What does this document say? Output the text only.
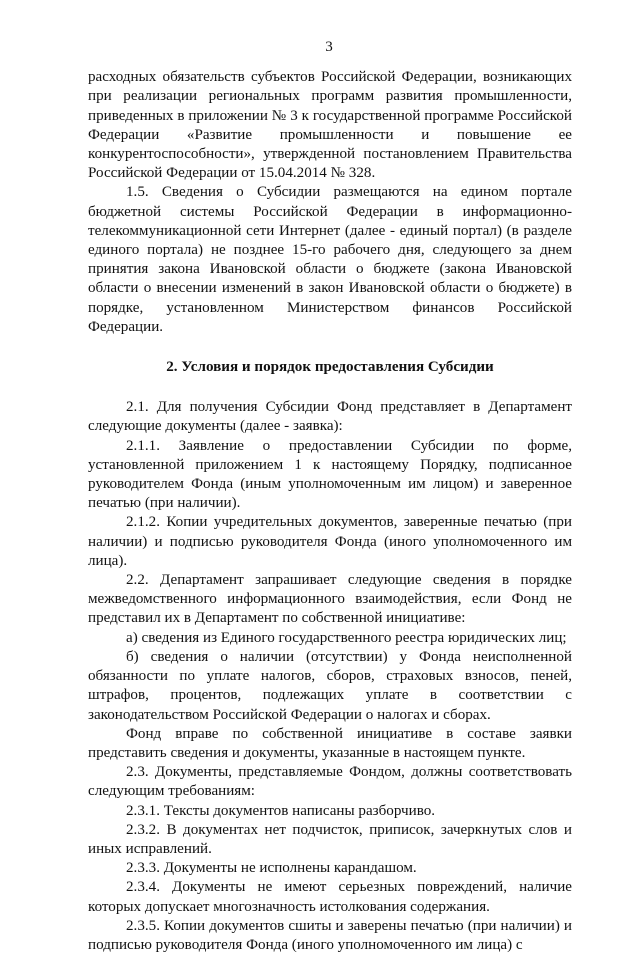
3

расходных обязательств субъектов Российской Федерации, возникающих при реализации региональных программ развития промышленности, приведенных в приложении № 3 к государственной программе Российской Федерации «Развитие промышленности и повышение ее конкурентоспособности», утвержденной постановлением Правительства Российской Федерации от 15.04.2014 № 328.

1.5. Сведения о Субсидии размещаются на едином портале бюджетной системы Российской Федерации в информационно-телекоммуникационной сети Интернет (далее - единый портал) (в разделе единого портала) не позднее 15-го рабочего дня, следующего за днем принятия закона Ивановской области о бюджете (закона Ивановской области о внесении изменений в закон Ивановской области о бюджете) в порядке, установленном Министерством финансов Российской Федерации.

2. Условия и порядок предоставления Субсидии

2.1. Для получения Субсидии Фонд представляет в Департамент следующие документы (далее - заявка):

2.1.1. Заявление о предоставлении Субсидии по форме, установленной приложением 1 к настоящему Порядку, подписанное руководителем Фонда (иным уполномоченным им лицом) и заверенное печатью (при наличии).

2.1.2. Копии учредительных документов, заверенные печатью (при наличии) и подписью руководителя Фонда (иного уполномоченного им лица).

2.2. Департамент запрашивает следующие сведения в порядке межведомственного информационного взаимодействия, если Фонд не представил их в Департамент по собственной инициативе:

а) сведения из Единого государственного реестра юридических лиц;

б) сведения о наличии (отсутствии) у Фонда неисполненной обязанности по уплате налогов, сборов, страховых взносов, пеней, штрафов, процентов, подлежащих уплате в соответствии с законодательством Российской Федерации о налогах и сборах.

Фонд вправе по собственной инициативе в составе заявки представить сведения и документы, указанные в настоящем пункте.

2.3. Документы, представляемые Фондом, должны соответствовать следующим требованиям:

2.3.1. Тексты документов написаны разборчиво.

2.3.2. В документах нет подчисток, приписок, зачеркнутых слов и иных исправлений.

2.3.3. Документы не исполнены карандашом.

2.3.4. Документы не имеют серьезных повреждений, наличие которых допускает многозначность истолкования содержания.

2.3.5. Копии документов сшиты и заверены печатью (при наличии) и подписью руководителя Фонда (иного уполномоченного им лица) с
